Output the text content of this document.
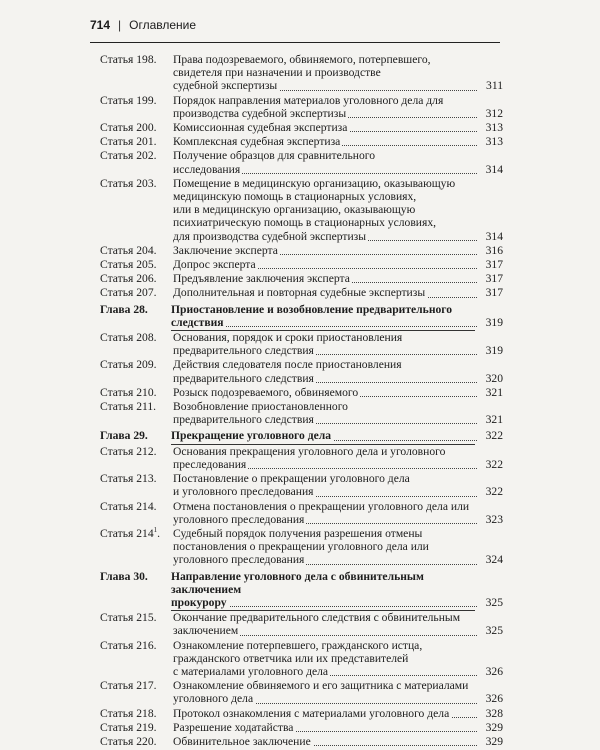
714 | Оглавление
Статья 198.	Права подозреваемого, обвиняемого, потерпевшего,
свидетеля при назначении и производстве
судебной экспертизы	311
Статья 199.	Порядок направления материалов уголовного дела для
производства судебной экспертизы	312
Статья 200.	Комиссионная судебная экспертиза	313
Статья 201.	Комплексная судебная экспертиза	313
Статья 202.	Получение образцов для сравнительного
исследования	314
Статья 203.	Помещение в медицинскую организацию, оказывающую
медицинскую помощь в стационарных условиях,
или в медицинскую организацию, оказывающую
психиатрическую помощь в стационарных условиях,
для производства судебной экспертизы	314
Статья 204.	Заключение эксперта	316
Статья 205.	Допрос эксперта	317
Статья 206.	Предъявление заключения эксперта	317
Статья 207.	Дополнительная и повторная судебные экспертизы	317
Глава 28.	Приостановление и возобновление предварительного следствия	319
Статья 208.	Основания, порядок и сроки приостановления
предварительного следствия	319
Статья 209.	Действия следователя после приостановления
предварительного следствия	320
Статья 210.	Розыск подозреваемого, обвиняемого	321
Статья 211.	Возобновление приостановленного
предварительного следствия	321
Глава 29.	Прекращение уголовного дела	322
Статья 212.	Основания прекращения уголовного дела и уголовного
преследования	322
Статья 213.	Постановление о прекращении уголовного дела
и уголовного преследования	322
Статья 214.	Отмена постановления о прекращении уголовного дела или
уголовного преследования	323
Статья $214^1$.	Судебный порядок получения разрешения отмены
постановления о прекращении уголовного дела или
уголовного преследования	324
Глава 30.	Направление уголовного дела с обвинительным заключением
прокурору	325
Статья 215.	Окончание предварительного следствия с обвинительным
заключением	325
Статья 216.	Ознакомление потерпевшего, гражданского истца,
гражданского ответчика или их представителей
с материалами уголовного дела	326
Статья 217.	Ознакомление обвиняемого и его защитника с материалами
уголовного дела	326
Статья 218.	Протокол ознакомления с материалами уголовного дела	328
Статья 219.	Разрешение ходатайства	329
Статья 220.	Обвинительное заключение	329
